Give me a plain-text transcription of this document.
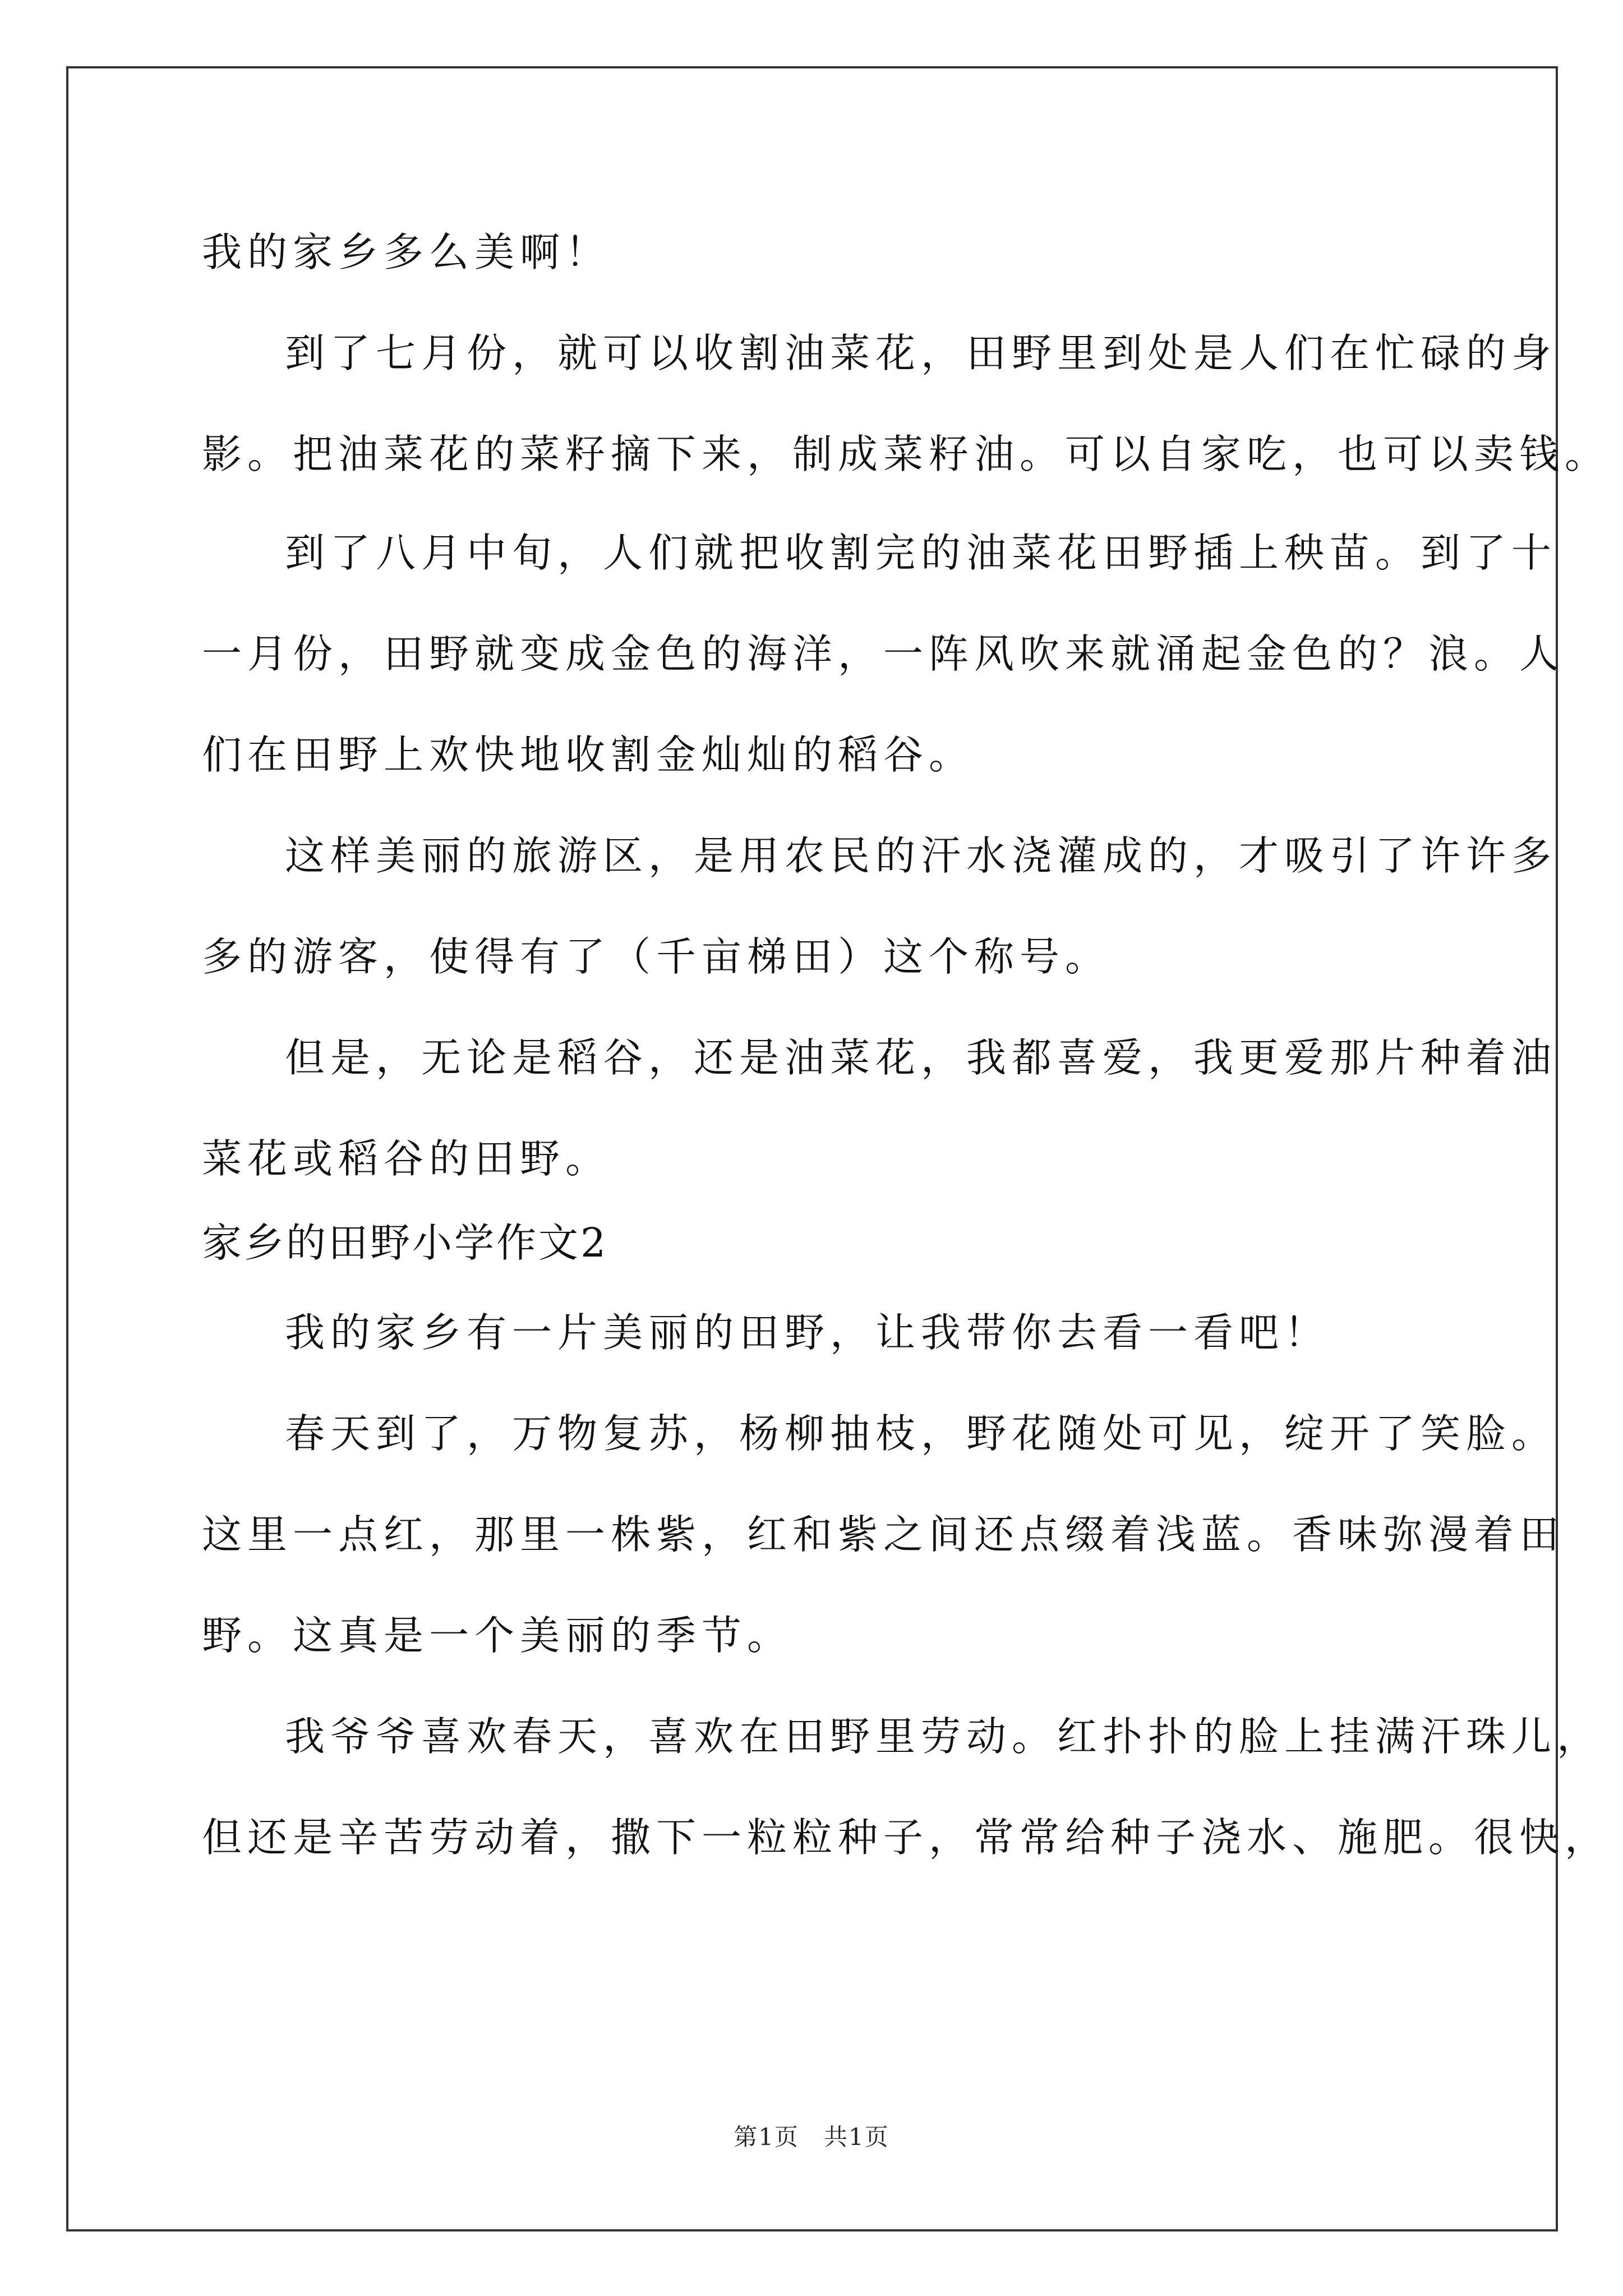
我的家乡多么美啊！
到了七月份，就可以收割油菜花，田野里到处是人们在忙碌的身
影。把油菜花的菜籽摘下来，制成菜籽油。可以自家吃，也可以卖钱。
到了八月中旬，人们就把收割完的油菜花田野插上秧苗。到了十
一月份，田野就变成金色的海洋，一阵风吹来就涌起金色的？浪。人
们在田野上欢快地收割金灿灿的稻谷。
这样美丽的旅游区，是用农民的汗水浇灌成的，才吸引了许许多
多的游客，使得有了（千亩梯田）这个称号。
但是，无论是稻谷，还是油菜花，我都喜爱，我更爱那片种着油
菜花或稻谷的田野。
家乡的田野小学作文2
我的家乡有一片美丽的田野，让我带你去看一看吧！
春天到了，万物复苏，杨柳抽枝，野花随处可见，绽开了笑脸。
这里一点红，那里一株紫，红和紫之间还点缀着浅蓝。香味弥漫着田
野。这真是一个美丽的季节。
我爷爷喜欢春天，喜欢在田野里劳动。红扑扑的脸上挂满汗珠儿，
但还是辛苦劳动着，撒下一粒粒种子，常常给种子浇水、施肥。很快，
第1页　共1页
